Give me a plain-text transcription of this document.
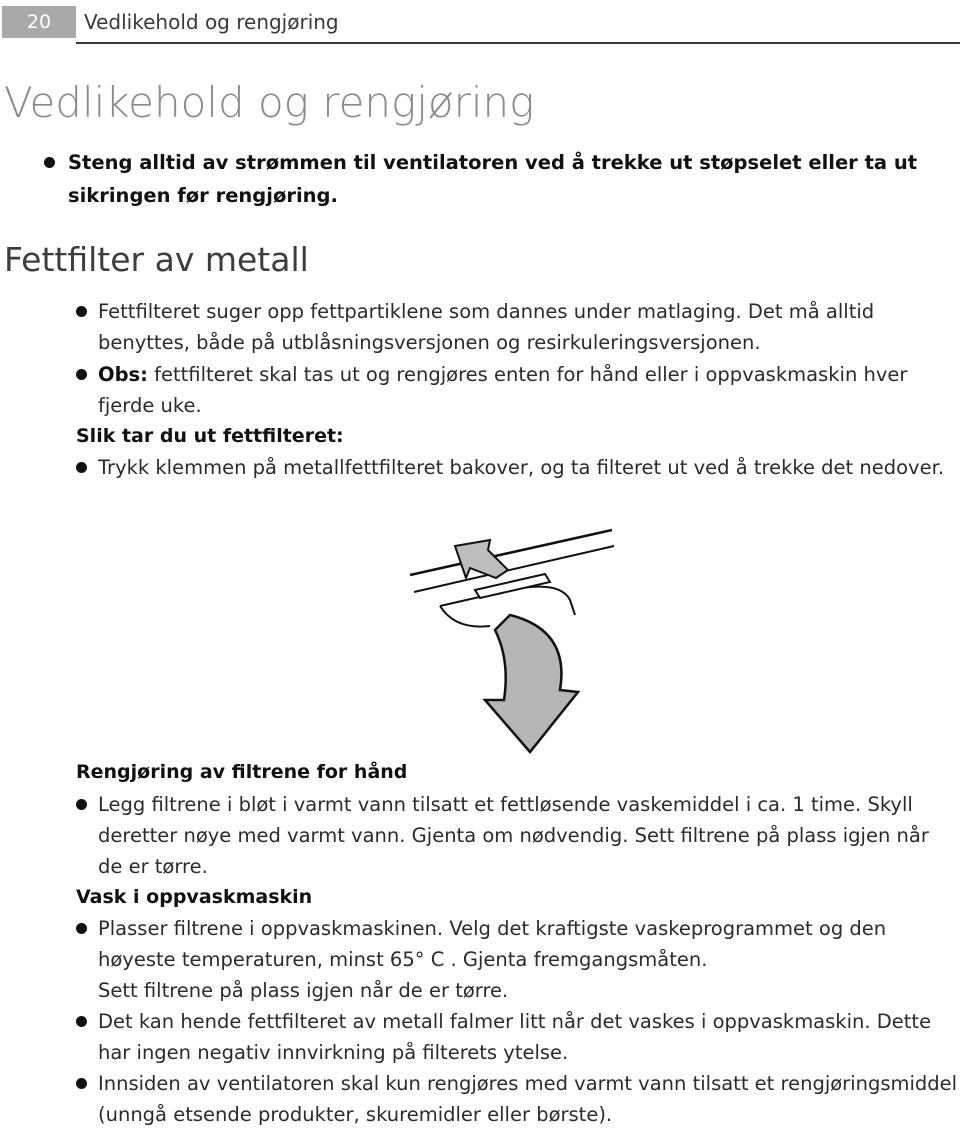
20	Vedlikehold og rengjøring
Vedlikehold og rengjøring
Steng alltid av strømmen til ventilatoren ved å trekke ut støpselet eller ta ut sikringen før rengjøring.
Fettfilter av metall
Fettfilteret suger opp fettpartiklene som dannes under matlaging. Det må alltid benyttes, både på utblåsningsversjonen og resirkuleringsversjonen.
Obs: fettfilteret skal tas ut og rengjøres enten for hånd eller i oppvaskmaskin hver fjerde uke.
Slik tar du ut fettfilteret:
Trykk klemmen på metallfettfilteret bakover, og ta filteret ut ved å trekke det nedover.
Rengjøring av filtrene for hånd
Legg filtrene i bløt i varmt vann tilsatt et fettløsende vaskemiddel i ca. 1 time. Skyll deretter nøye med varmt vann. Gjenta om nødvendig. Sett filtrene på plass igjen når de er tørre.
Vask i oppvaskmaskin
Plasser filtrene i oppvaskmaskinen. Velg det kraftigste vaskeprogrammet og den høyeste temperaturen, minst 65° C . Gjenta fremgangsmåten.
Sett filtrene på plass igjen når de er tørre.
Det kan hende fettfilteret av metall falmer litt når det vaskes i oppvaskmaskin. Dette har ingen negativ innvirkning på filterets ytelse.
Innsiden av ventilatoren skal kun rengjøres med varmt vann tilsatt et rengjøringsmiddel (unngå etsende produkter, skuremidler eller børste).
